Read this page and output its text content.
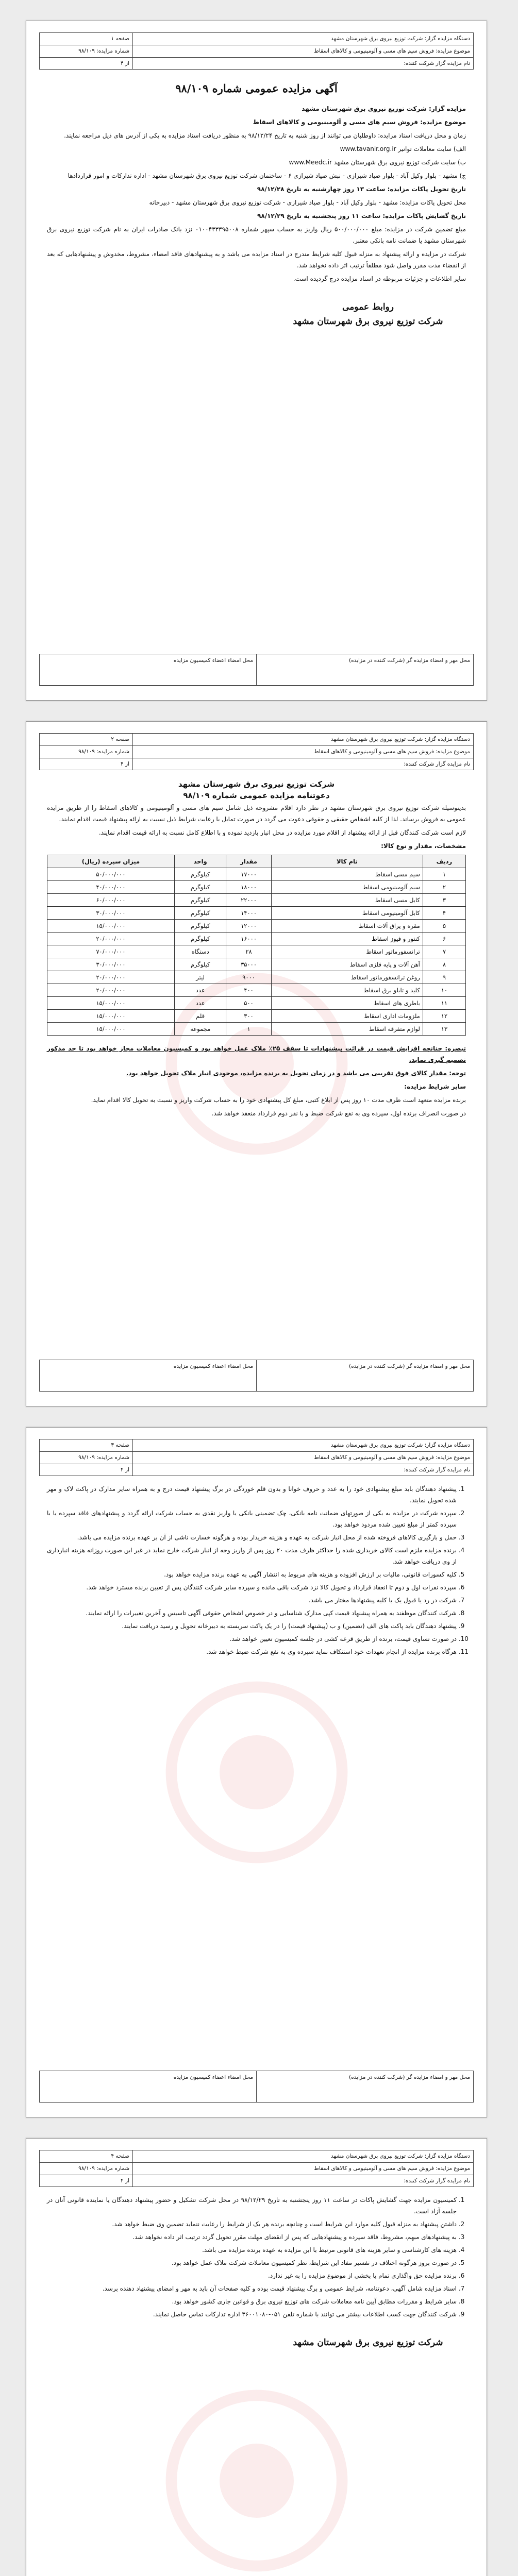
دستگاه مزایده گزار: شرکت توزیع نیروی برق شهرستان مشهد
موضوع مزایده: فروش سیم های مسی و آلومینیومی و کالاهای اسقاط
نام مزایده گزار شرکت کننده:
صفحه ۱
شماره مزایده: ۹۸/۱۰۹
از ۴
آگهی مزایده عمومی شماره ۹۸/۱۰۹

مزایده گزار: شرکت توزیع نیروی برق شهرستان مشهد

موضوع مزایده: فروش سیم های مسی و آلومینیومی و کالاهای اسقاط

زمان و محل دریافت اسناد مزایده: داوطلبان می توانند از روز شنبه به تاریخ ۹۸/۱۲/۲۴ به منظور دریافت اسناد مزایده به یکی از آدرس های ذیل مراجعه نمایند.

الف) سایت معاملات توانیر www.tavanir.org.ir

ب) سایت شرکت توزیع نیروی برق شهرستان مشهد www.Meedc.ir

ج) مشهد - بلوار وکیل آباد - بلوار صیاد شیرازی - نبش صیاد شیرازی ۶ - ساختمان شرکت توزیع نیروی برق شهرستان مشهد - اداره تدارکات و امور قراردادها

تاریخ تحویل پاکات مزایده: ساعت ۱۳ روز چهارشنبه به تاریخ ۹۸/۱۲/۲۸

محل تحویل پاکات مزایده: مشهد - بلوار وکیل آباد - بلوار صیاد شیرازی - شرکت توزیع نیروی برق شهرستان مشهد - دبیرخانه

تاریخ گشایش پاکات مزایده: ساعت ۱۱ روز پنجشنبه به تاریخ ۹۸/۱۲/۲۹

مبلغ تضمین شرکت در مزایده: مبلغ ۵۰۰/۰۰۰/۰۰۰ ریال واریز به حساب سپهر شماره ۰۱۰۰۴۳۳۳۹۵۰۰۸ نزد بانک صادرات ایران به نام شرکت توزیع نیروی برق شهرستان مشهد یا ضمانت نامه بانکی معتبر.

شرکت در مزایده و ارائه پیشنهاد به منزله قبول کلیه شرایط مندرج در اسناد مزایده می باشد و به پیشنهادهای فاقد امضاء، مشروط، مخدوش و پیشنهادهایی که بعد از انقضاء مدت مقرر واصل شود مطلقاً ترتیب اثر داده نخواهد شد.

سایر اطلاعات و جزئیات مربوطه در اسناد مزایده درج گردیده است.

روابط عمومی
شرکت توزیع نیروی برق شهرستان مشهد
محل مهر و امضاء مزایده گر (شرکت کننده در مزایده)
محل امضاء اعضاء کمیسیون مزایده
دستگاه مزایده گزار: شرکت توزیع نیروی برق شهرستان مشهد
موضوع مزایده: فروش سیم های مسی و آلومینیومی و کالاهای اسقاط
نام مزایده گزار شرکت کننده:
صفحه ۲
شماره مزایده: ۹۸/۱۰۹
از ۴
شرکت توزیع نیروی برق شهرستان مشهد
دعوتنامه مزایده عمومی شماره ۹۸/۱۰۹

بدینوسیله شرکت توزیع نیروی برق شهرستان مشهد در نظر دارد اقلام مشروحه ذیل شامل سیم های مسی و آلومینیومی و کالاهای اسقاط را از طریق مزایده عمومی به فروش برساند. لذا از کلیه اشخاص حقیقی و حقوقی دعوت می گردد در صورت تمایل با رعایت شرایط ذیل نسبت به ارائه پیشنهاد قیمت اقدام نمایند.

لازم است شرکت کنندگان قبل از ارائه پیشنهاد از اقلام مورد مزایده در محل انبار بازدید نموده و با اطلاع کامل نسبت به ارائه قیمت اقدام نمایند.

مشخصات، مقدار و نوع کالا:

ردیف	نام کالا	مقدار	واحد	میزان سپرده (ریال)
۱	سیم مسی اسقاط	۱۷۰۰۰	کیلوگرم	۵۰/۰۰۰/۰۰۰
۲	سیم آلومینیومی اسقاط	۱۸۰۰۰	کیلوگرم	۴۰/۰۰۰/۰۰۰
۳	کابل مسی اسقاط	۲۲۰۰۰	کیلوگرم	۶۰/۰۰۰/۰۰۰
۴	کابل آلومینیومی اسقاط	۱۴۰۰۰	کیلوگرم	۳۰/۰۰۰/۰۰۰
۵	مقره و یراق آلات اسقاط	۱۲۰۰۰	کیلوگرم	۱۵/۰۰۰/۰۰۰
۶	کنتور و فیوز اسقاط	۱۶۰۰۰	کیلوگرم	۲۰/۰۰۰/۰۰۰
۷	ترانسفورماتور اسقاط	۲۸	دستگاه	۷۰/۰۰۰/۰۰۰
۸	آهن آلات و پایه فلزی اسقاط	۳۵۰۰۰	کیلوگرم	۳۰/۰۰۰/۰۰۰
۹	روغن ترانسفورماتور اسقاط	۹۰۰۰	لیتر	۲۰/۰۰۰/۰۰۰
۱۰	کلید و تابلو برق اسقاط	۴۰۰	عدد	۲۰/۰۰۰/۰۰۰
۱۱	باطری های اسقاط	۵۰۰	عدد	۱۵/۰۰۰/۰۰۰
۱۲	ملزومات اداری اسقاط	۳۰۰	قلم	۱۵/۰۰۰/۰۰۰
۱۳	لوازم متفرقه اسقاط	۱	مجموعه	۱۵/۰۰۰/۰۰۰

تبصره: چنانچه افزایش قیمت در قرائت پیشنهادات تا سقف ۲۵٪ ملاک عمل خواهد بود و کمیسیون معاملات مجاز خواهد بود تا حد مذکور تصمیم گیری نماید.

توجه: مقدار کالای فوق تقریبی می باشد و در زمان تحویل به برنده مزایده، موجودی انبار ملاک تحویل خواهد بود.

سایر شرایط مزایده:

برنده مزایده متعهد است ظرف مدت ۱۰ روز پس از ابلاغ کتبی، مبلغ کل پیشنهادی خود را به حساب شرکت واریز و نسبت به تحویل کالا اقدام نماید.

در صورت انصراف برنده اول، سپرده وی به نفع شرکت ضبط و با نفر دوم قرارداد منعقد خواهد شد.

محل مهر و امضاء مزایده گر (شرکت کننده در مزایده)
محل امضاء اعضاء کمیسیون مزایده
دستگاه مزایده گزار: شرکت توزیع نیروی برق شهرستان مشهد
موضوع مزایده: فروش سیم های مسی و آلومینیومی و کالاهای اسقاط
نام مزایده گزار شرکت کننده:
صفحه ۳
شماره مزایده: ۹۸/۱۰۹
از ۴
1. پیشنهاد دهندگان باید مبلغ پیشنهادی خود را به عدد و حروف خوانا و بدون قلم خوردگی در برگ پیشنهاد قیمت درج و به همراه سایر مدارک در پاکت لاک و مهر شده تحویل نمایند.
2. سپرده شرکت در مزایده به یکی از صورتهای ضمانت نامه بانکی، چک تضمینی بانکی یا واریز نقدی به حساب شرکت ارائه گردد و پیشنهادهای فاقد سپرده یا با سپرده کمتر از مبلغ تعیین شده مردود خواهد بود.
3. حمل و بارگیری کالاهای فروخته شده از محل انبار شرکت به عهده و هزینه خریدار بوده و هرگونه خسارت ناشی از آن بر عهده برنده مزایده می باشد.
4. برنده مزایده ملزم است کالای خریداری شده را حداکثر ظرف مدت ۲۰ روز پس از واریز وجه از انبار شرکت خارج نماید در غیر این صورت روزانه هزینه انبارداری از وی دریافت خواهد شد.
5. کلیه کسورات قانونی، مالیات بر ارزش افزوده و هزینه های مربوط به انتشار آگهی به عهده برنده مزایده خواهد بود.
6. سپرده نفرات اول و دوم تا انعقاد قرارداد و تحویل کالا نزد شرکت باقی مانده و سپرده سایر شرکت کنندگان پس از تعیین برنده مسترد خواهد شد.
7. شرکت در رد یا قبول یک یا کلیه پیشنهادها مختار می باشد.
8. شرکت کنندگان موظفند به همراه پیشنهاد قیمت کپی مدارک شناسایی و در خصوص اشخاص حقوقی آگهی تاسیس و آخرین تغییرات را ارائه نمایند.
9. پیشنهاد دهندگان باید پاکت های الف (تضمین) و ب (پیشنهاد قیمت) را در یک پاکت سربسته به دبیرخانه تحویل و رسید دریافت نمایند.
10. در صورت تساوی قیمت، برنده از طریق قرعه کشی در جلسه کمیسیون تعیین خواهد شد.
11. هرگاه برنده مزایده از انجام تعهدات خود استنکاف نماید سپرده وی به نفع شرکت ضبط خواهد شد.
محل مهر و امضاء مزایده گر (شرکت کننده در مزایده)
محل امضاء اعضاء کمیسیون مزایده
دستگاه مزایده گزار: شرکت توزیع نیروی برق شهرستان مشهد
موضوع مزایده: فروش سیم های مسی و آلومینیومی و کالاهای اسقاط
نام مزایده گزار شرکت کننده:
صفحه ۴
شماره مزایده: ۹۸/۱۰۹
از ۴
1. کمیسیون مزایده جهت گشایش پاکات در ساعت ۱۱ روز پنجشنبه به تاریخ ۹۸/۱۲/۲۹ در محل شرکت تشکیل و حضور پیشنهاد دهندگان یا نماینده قانونی آنان در جلسه آزاد است.
2. داشتن پیشنهاد به منزله قبول کلیه موارد این شرایط است و چنانچه برنده هر یک از شرایط را رعایت ننماید تضمین وی ضبط خواهد شد.
3. به پیشنهادهای مبهم، مشروط، فاقد سپرده و پیشنهادهایی که پس از انقضای مهلت مقرر تحویل گردد ترتیب اثر داده نخواهد شد.
4. هزینه های کارشناسی و سایر هزینه های قانونی مرتبط با این مزایده به عهده برنده مزایده می باشد.
5. در صورت بروز هرگونه اختلاف در تفسیر مفاد این شرایط، نظر کمیسیون معاملات شرکت ملاک عمل خواهد بود.
6. برنده مزایده حق واگذاری تمام یا بخشی از موضوع مزایده را به غیر ندارد.
7. اسناد مزایده شامل آگهی، دعوتنامه، شرایط عمومی و برگ پیشنهاد قیمت بوده و کلیه صفحات آن باید به مهر و امضای پیشنهاد دهنده برسد.
8. سایر شرایط و مقررات مطابق آیین نامه معاملات شرکت های توزیع نیروی برق و قوانین جاری کشور خواهد بود.
9. شرکت کنندگان جهت کسب اطلاعات بیشتر می توانند با شماره تلفن ۰۵۱-۳۶۰۰۱۰۸۰ اداره تدارکات تماس حاصل نمایند.
شرکت توزیع نیروی برق شهرستان مشهد
